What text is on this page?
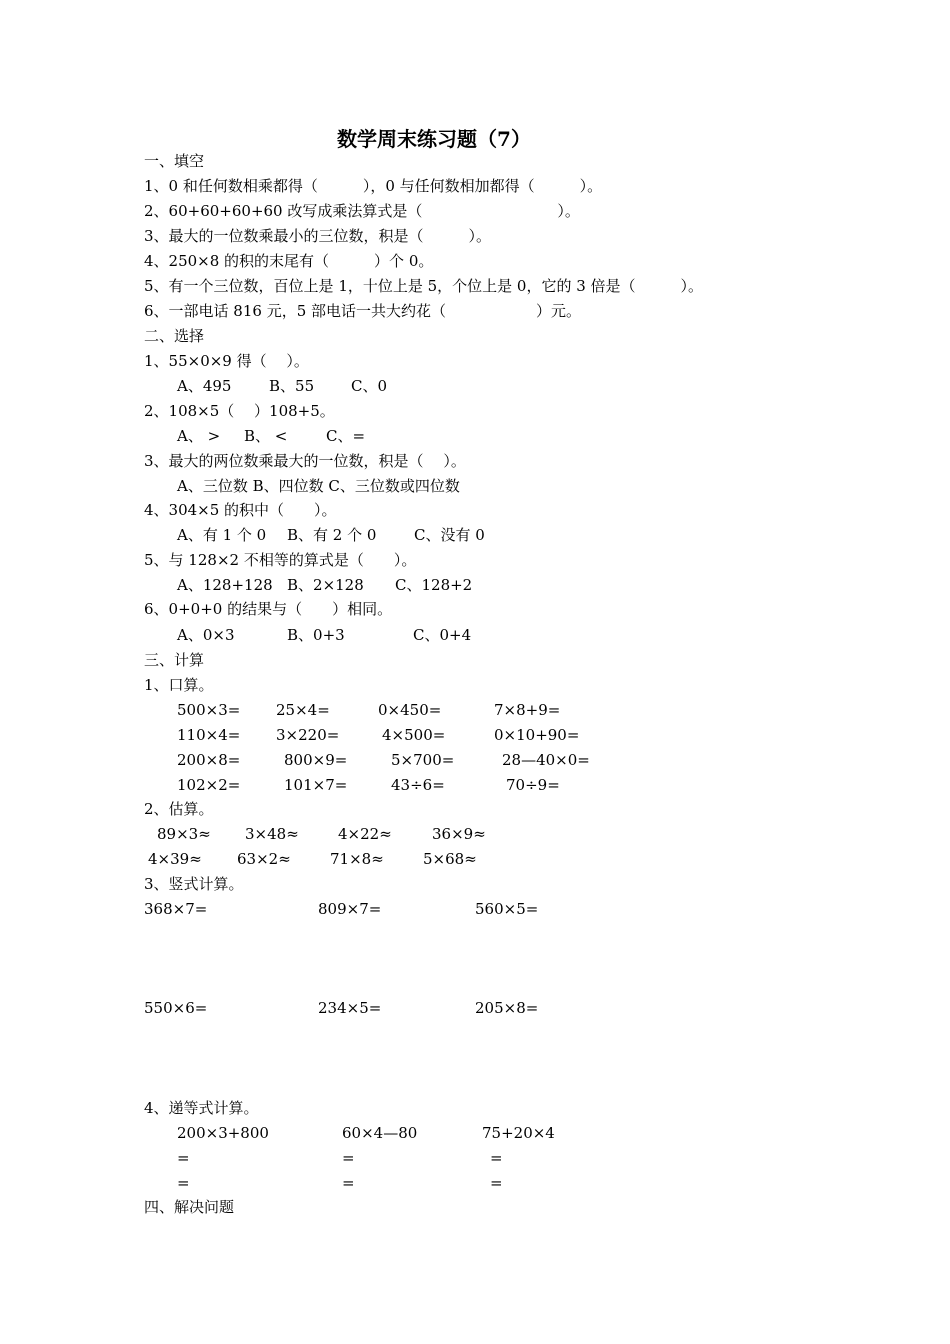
数学周末练习题（7）
一、填空
1、0 和任何数相乘都得（　　　），0 与任何数相加都得（　　　）。
2、60+60+60+60 改写成乘法算式是（　　　　　　　　　）。
3、最大的一位数乘最小的三位数，积是（　　　）。
4、250×8 的积的末尾有（　　　）个 0。
5、有一个三位数，百位上是 1，十位上是 5，个位上是 0，它的 3 倍是（　　　）。
6、一部电话 816 元，5 部电话一共大约花（　　　　　　）元。
二、选择
1、55×0×9 得（　 ）。
A、495	B、55 C、0
2、108×5（　 ）108+5。
A、 > B、 <	C、=
3、最大的两位数乘最大的一位数，积是（　 ）。
A、三位数 B、四位数 C、三位数或四位数
4、304×5 的积中（　　）。
A、有 1 个 0 B、有 2 个 0	C、没有 0
5、与 128×2 不相等的算式是（　　）。
A、128+128 B、2×128 C、128+2
6、0+0+0 的结果与（　　）相同。
A、0×3	B、0+3	C、0+4
三、计算
1、口算。
500×3= 25×4=	0×450=	7×8+9=
110×4= 3×220=	4×500=	0×10+90=
200×8=	800×9=	5×700=	28—40×0=
102×2=	101×7=	43÷6=	70÷9=
2、估算。
89×3≈ 3×48≈	4×22≈	36×9≈
4×39≈ 63×2≈	71×8≈	5×68≈
3、竖式计算。
368×7=	809×7=	560×5=
550×6=	234×5=	205×8=
4、递等式计算。
200×3+800	60×4—80	75+20×4
=	=	=
=	=	=
四、解决问题
